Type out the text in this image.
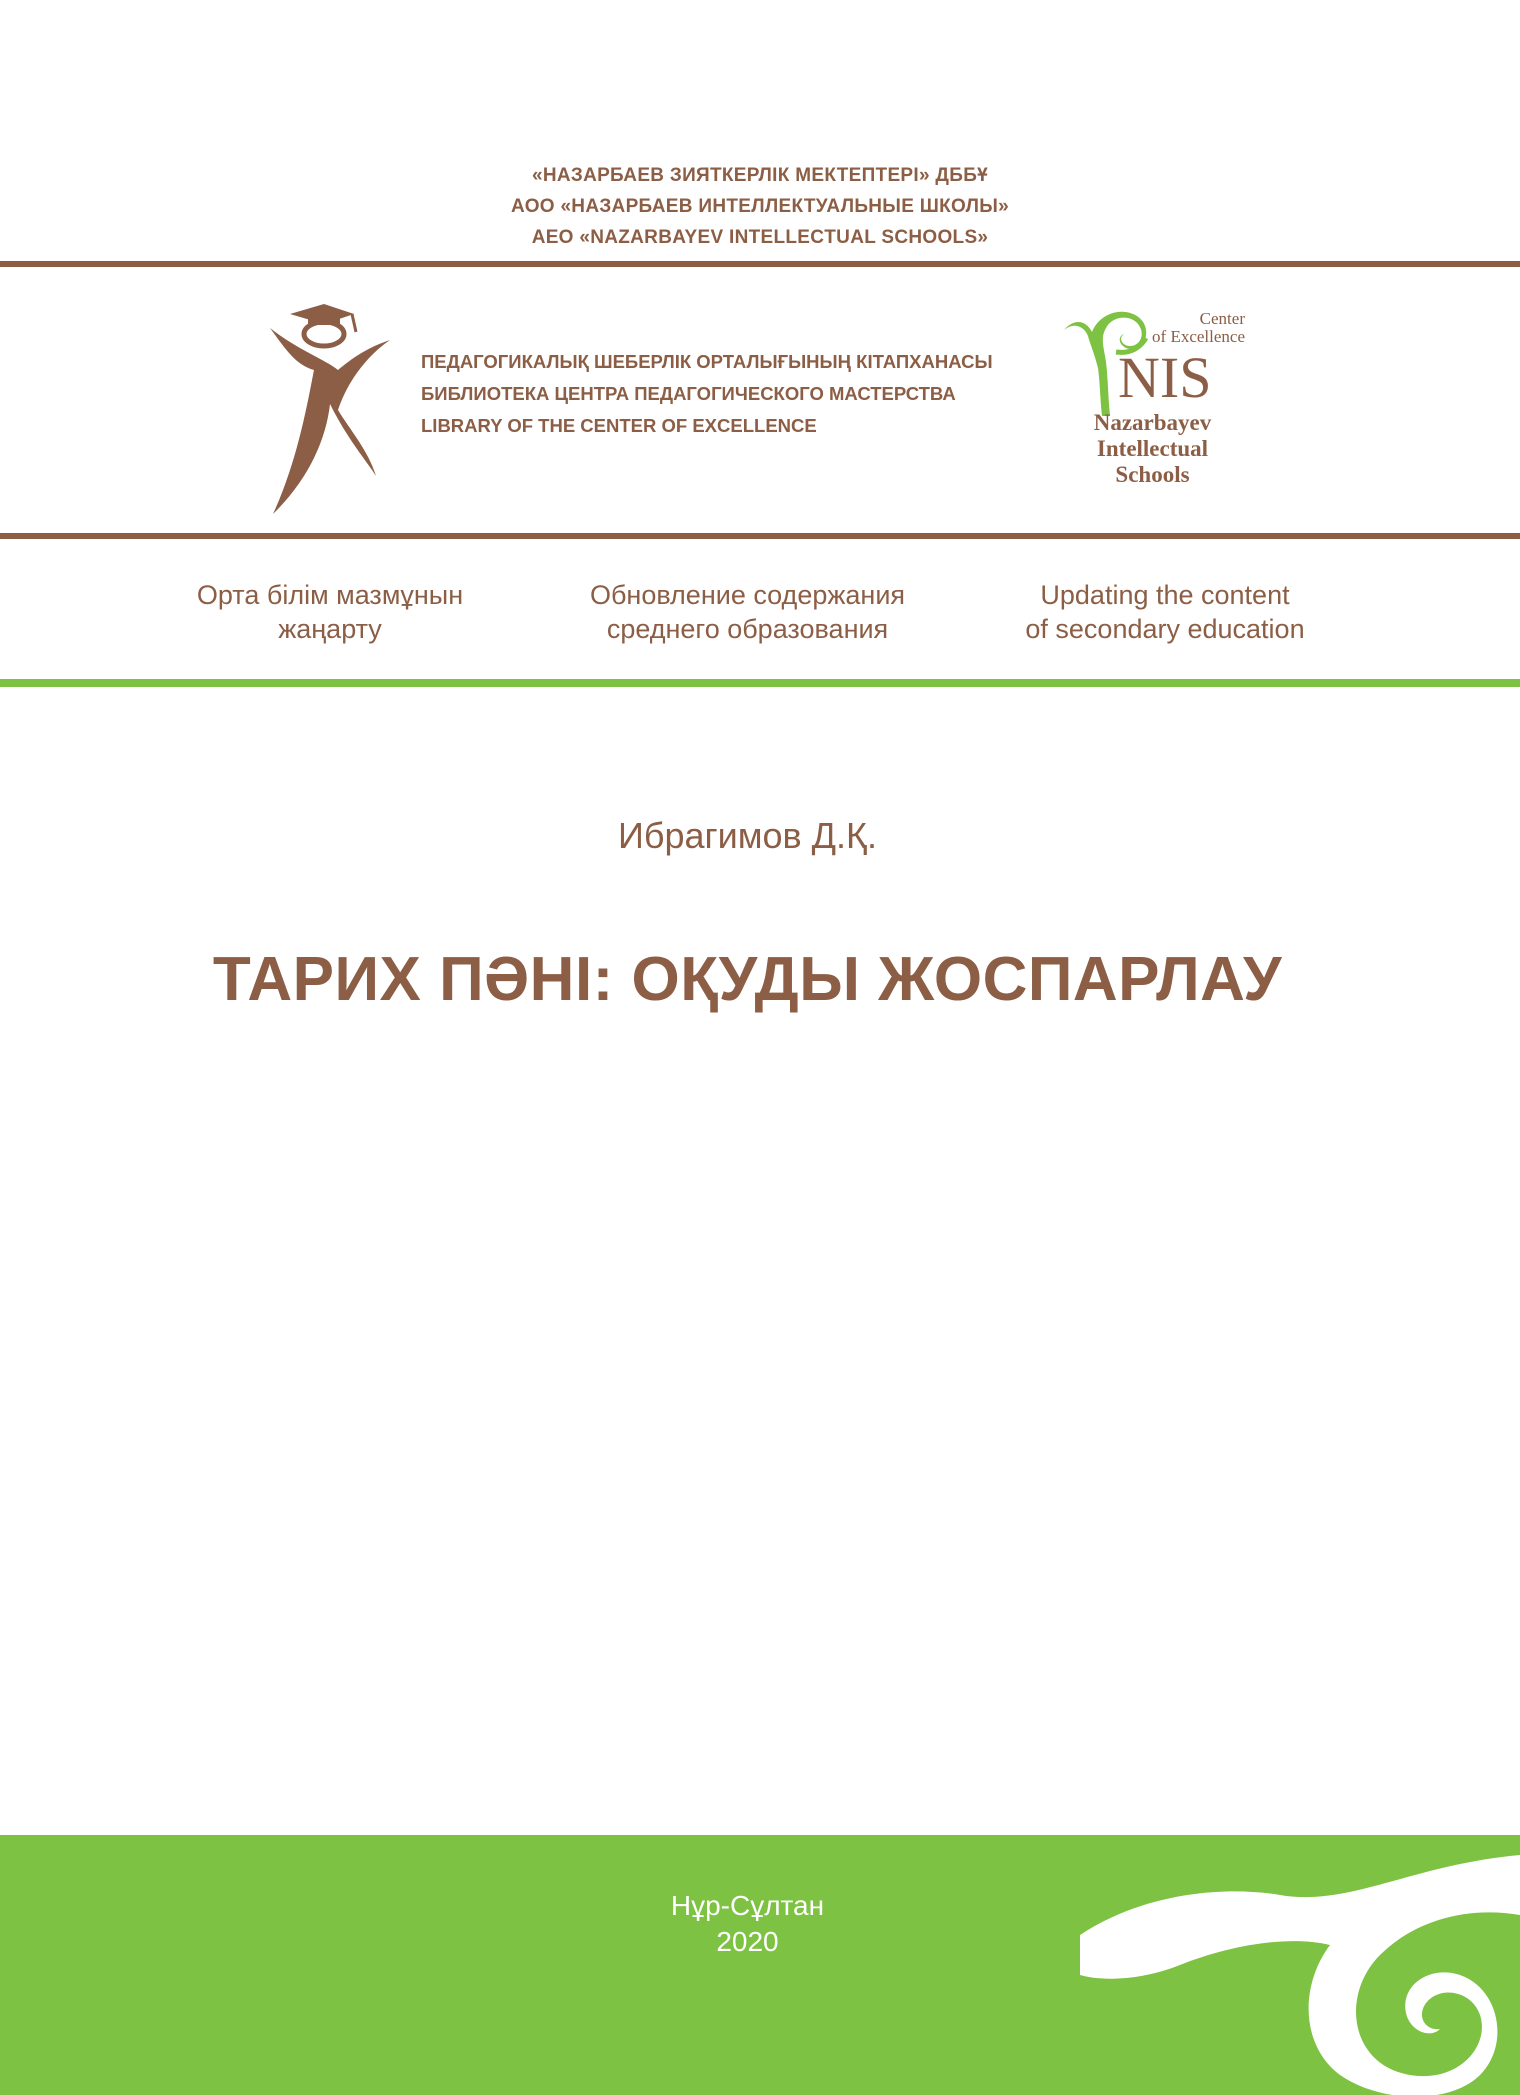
«НАЗАРБАЕВ ЗИЯТКЕРЛІК МЕКТЕПТЕРІ» ДББҰ
АОО «НАЗАРБАЕВ ИНТЕЛЛЕКТУАЛЬНЫЕ ШКОЛЫ»
АЕО «NAZARBAYEV INTELLECTUAL SCHOOLS»
ПЕДАГОГИКАЛЫҚ ШЕБЕРЛІК ОРТАЛЫҒЫНЫҢ КІТАПХАНАСЫ
БИБЛИОТЕКА ЦЕНТРА ПЕДАГОГИЧЕСКОГО МАСТЕРСТВА
LIBRARY OF THE CENTER OF EXCELLENCE
Center
of Excellence
NIS
Nazarbayev
Intellectual
Schools
Орта білім мазмұнын
жаңарту
Обновление содержания
среднего образования
Updating the content
of secondary education
Ибрагимов Д.Қ.
ТАРИХ ПӘНІ: ОҚУДЫ ЖОСПАРЛАУ
Нұр-Сұлтан
2020
